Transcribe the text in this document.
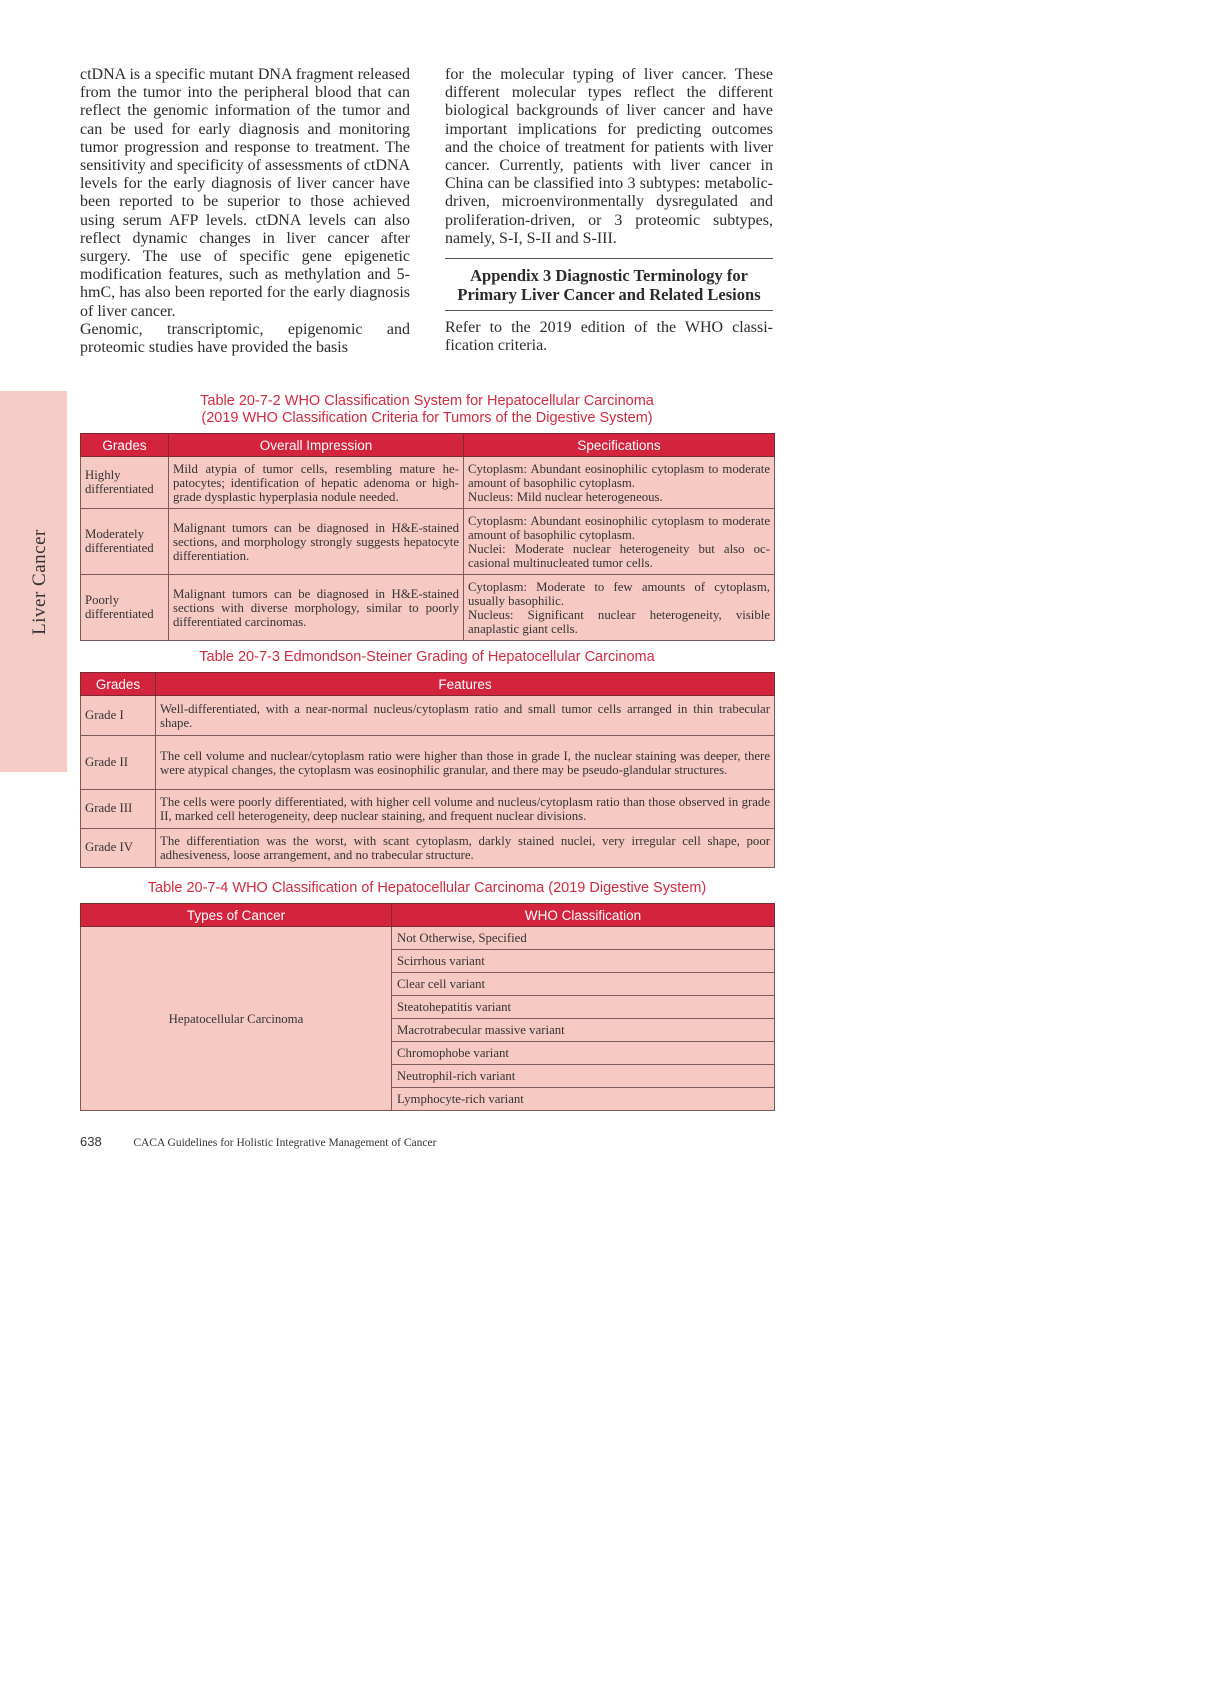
Liver Cancer

ctDNA is a specific mutant DNA fragment released from the tumor into the peripheral blood that can reflect the genomic information of the tumor and can be used for early diagnosis and monitoring tumor progression and response to treatment. The sensitivity and specificity of assessments of ctDNA levels for the early diagnosis of liver cancer have been reported to be superior to those achieved using serum AFP levels. ctDNA levels can also reflect dynamic changes in liver cancer after surgery. The use of specific gene epigenetic modification features, such as methylation and 5-hmC, has also been reported for the early diagnosis of liver cancer.

Genomic, transcriptomic, epigenomic and proteomic studies have provided the basis

for the molecular typing of liver cancer. These different molecular types reflect the different biological backgrounds of liver cancer and have important implications for predicting outcomes and the choice of treatment for patients with liver cancer. Currently, patients with liver cancer in China can be classified into 3 subtypes: metabolic-driven, microenvironmentally dysregulated and proliferation-driven, or 3 proteomic subtypes, namely, S-I, S-II and S-III.

Appendix 3 Diagnostic Terminology for
Primary Liver Cancer and Related Lesions

Refer to the 2019 edition of the WHO classification criteria.

Table 20-7-2 WHO Classification System for Hepatocellular Carcinoma
(2019 WHO Classification Criteria for Tumors of the Digestive System)
Grades	Overall Impression	Specifications
Highly differentiated	Mild atypia of tumor cells, resembling mature hepatocytes; identification of hepatic adenoma or high-grade dysplastic hyperplasia nodule needed.	Cytoplasm: Abundant eosinophilic cytoplasm to moderate amount of basophilic cytoplasm.
Nucleus: Mild nuclear heterogeneous.
Moderately differentiated	Malignant tumors can be diagnosed in H&E-stained sections, and morphology strongly suggests hepatocyte differentiation.	Cytoplasm: Abundant eosinophilic cytoplasm to moderate amount of basophilic cytoplasm.
Nuclei: Moderate nuclear heterogeneity but also occasional multinucleated tumor cells.
Poorly differentiated	Malignant tumors can be diagnosed in H&E-stained sections with diverse morphology, similar to poorly differentiated carcinomas.	Cytoplasm: Moderate to few amounts of cytoplasm, usually basophilic.
Nucleus: Significant nuclear heterogeneity, visible anaplastic giant cells.
Table 20-7-3 Edmondson-Steiner Grading of Hepatocellular Carcinoma
Grades	Features
Grade I	Well-differentiated, with a near-normal nucleus/cytoplasm ratio and small tumor cells arranged in thin trabecular shape.
Grade II	The cell volume and nuclear/cytoplasm ratio were higher than those in grade I, the nuclear staining was deeper, there were atypical changes, the cytoplasm was eosinophilic granular, and there may be pseudo-glandular structures.
Grade III	The cells were poorly differentiated, with higher cell volume and nucleus/cytoplasm ratio than those observed in grade II, marked cell heterogeneity, deep nuclear staining, and frequent nuclear divisions.
Grade IV	The differentiation was the worst, with scant cytoplasm, darkly stained nuclei, very irregular cell shape, poor adhesiveness, loose arrangement, and no trabecular structure.
Table 20-7-4 WHO Classification of Hepatocellular Carcinoma (2019 Digestive System)
Types of Cancer	WHO Classification
Hepatocellular Carcinoma	Not Otherwise, Specified
	Scirrhous variant
	Clear cell variant
	Steatohepatitis variant
	Macrotrabecular massive variant
	Chromophobe variant
	Neutrophil-rich variant
	Lymphocyte-rich variant
638	CACA Guidelines for Holistic Integrative Management of Cancer
